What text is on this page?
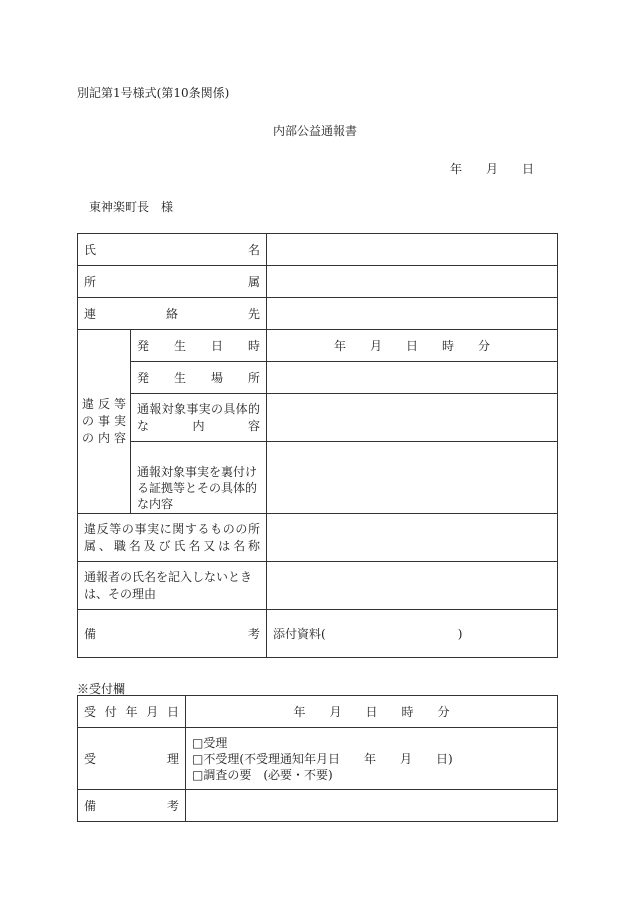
別記第1号様式(第10条関係)
内部公益通報書
年　　月　　日
東神楽町長　様
氏名		

所属		

連絡先		

違反等の事実の内容	発生日時	年　　月　　日　　時　　分

	発生場所	

	通報対象事実の具体的な内容	

	通報対象事実を裏付ける証拠等とその具体的な内容	

違反等の事実に関するものの所属、職名及び氏名又は名称		

通報者の氏名を記入しないときは、その理由		

備考		添付資料(　　　　　　　　　　　)
※受付欄
受付年月日	年　　月　　日　　時　　分

受理	□受理
□不受理(不受理通知年月日　　年　　月　　日)
□調査の要　(必要・不要)

備考	
